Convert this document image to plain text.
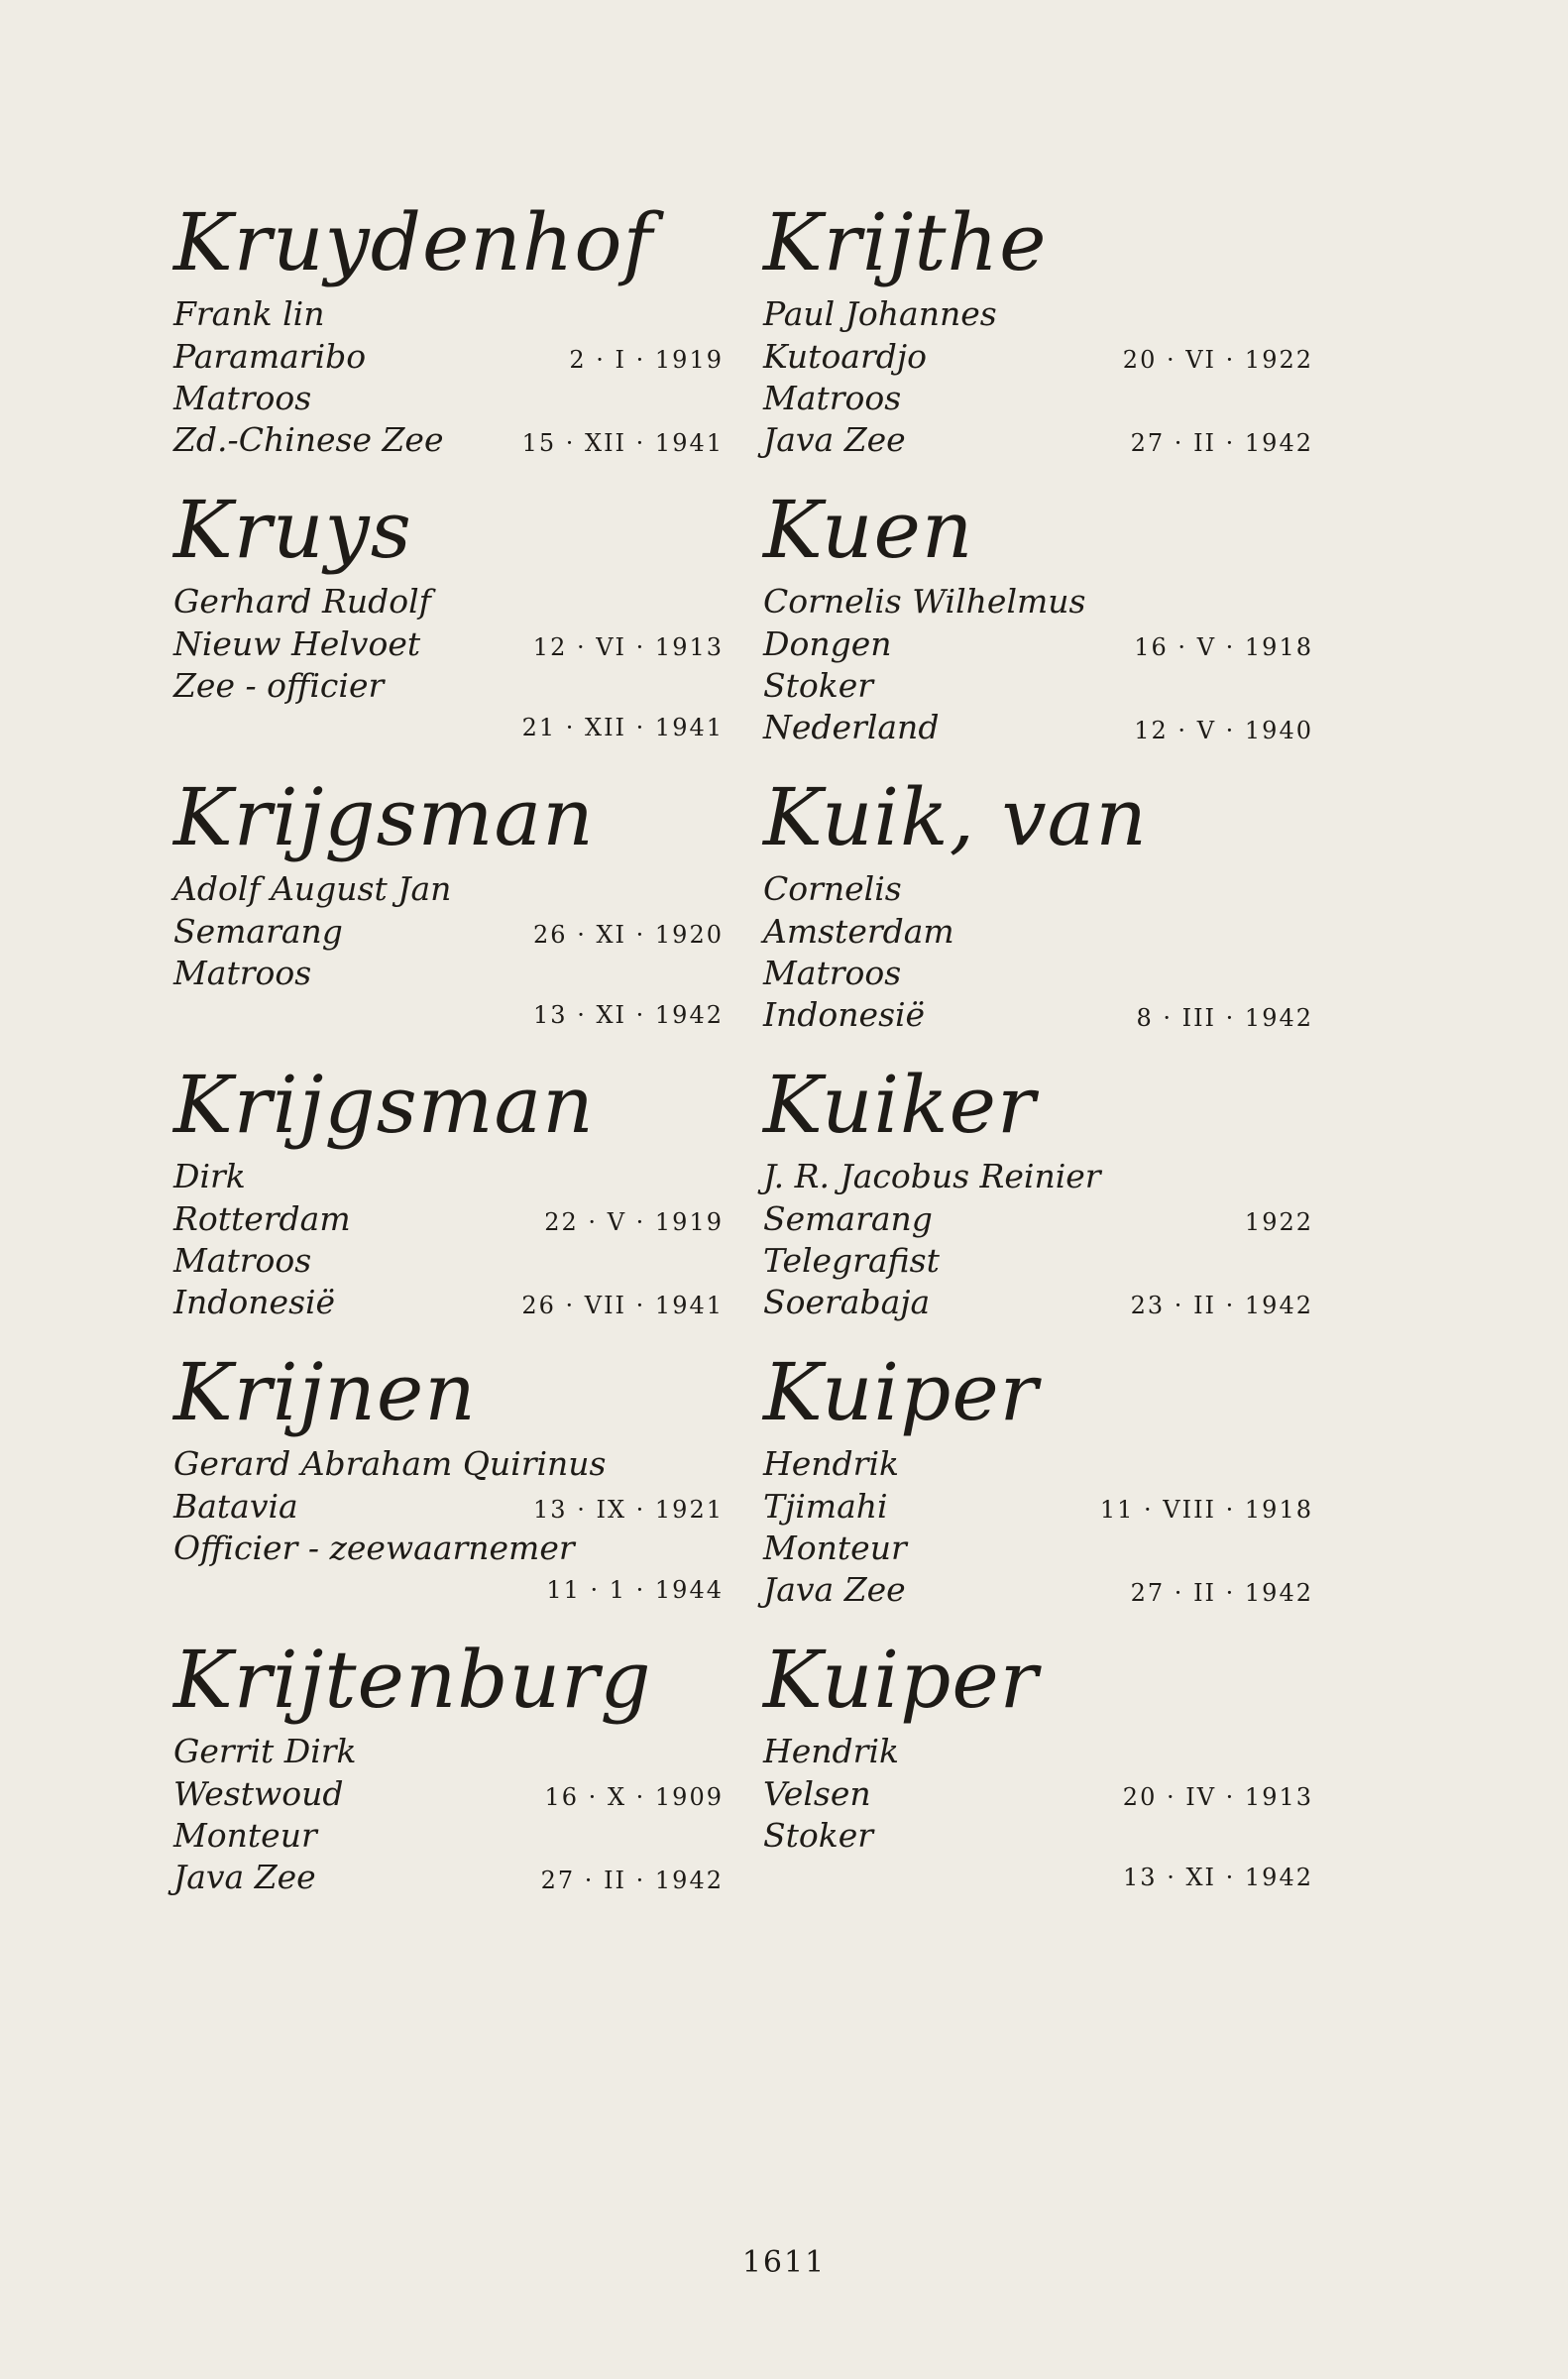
Kruydenhof
Frank lin
Paramaribo	2 · I · 1919
Matroos
Zd.-Chinese Zee	15 · XII · 1941
Kruys
Gerhard Rudolf
Nieuw Helvoet	12 · VI · 1913
Zee - officier
21 · XII · 1941
Krijgsman
Adolf August Jan
Semarang	26 · XI · 1920
Matroos
13 · XI · 1942
Krijgsman
Dirk
Rotterdam	22 · V · 1919
Matroos
Indonesië	26 · VII · 1941
Krijnen
Gerard Abraham Quirinus
Batavia	13 · IX · 1921
Officier - zeewaarnemer
11 · 1 · 1944
Krijtenburg
Gerrit Dirk
Westwoud	16 · X · 1909
Monteur
Java Zee	27 · II · 1942
Krijthe
Paul Johannes
Kutoardjo	20 · VI · 1922
Matroos
Java Zee	27 · II · 1942
Kuen
Cornelis Wilhelmus
Dongen	16 · V · 1918
Stoker
Nederland	12 · V · 1940
Kuik, van
Cornelis
Amsterdam
Matroos
Indonesië	8 · III · 1942
Kuiker
J. R. Jacobus Reinier
Semarang	1922
Telegrafist
Soerabaja	23 · II · 1942
Kuiper
Hendrik
Tjimahi	11 · VIII · 1918
Monteur
Java Zee	27 · II · 1942
Kuiper
Hendrik
Velsen	20 · IV · 1913
Stoker
13 · XI · 1942
1611
